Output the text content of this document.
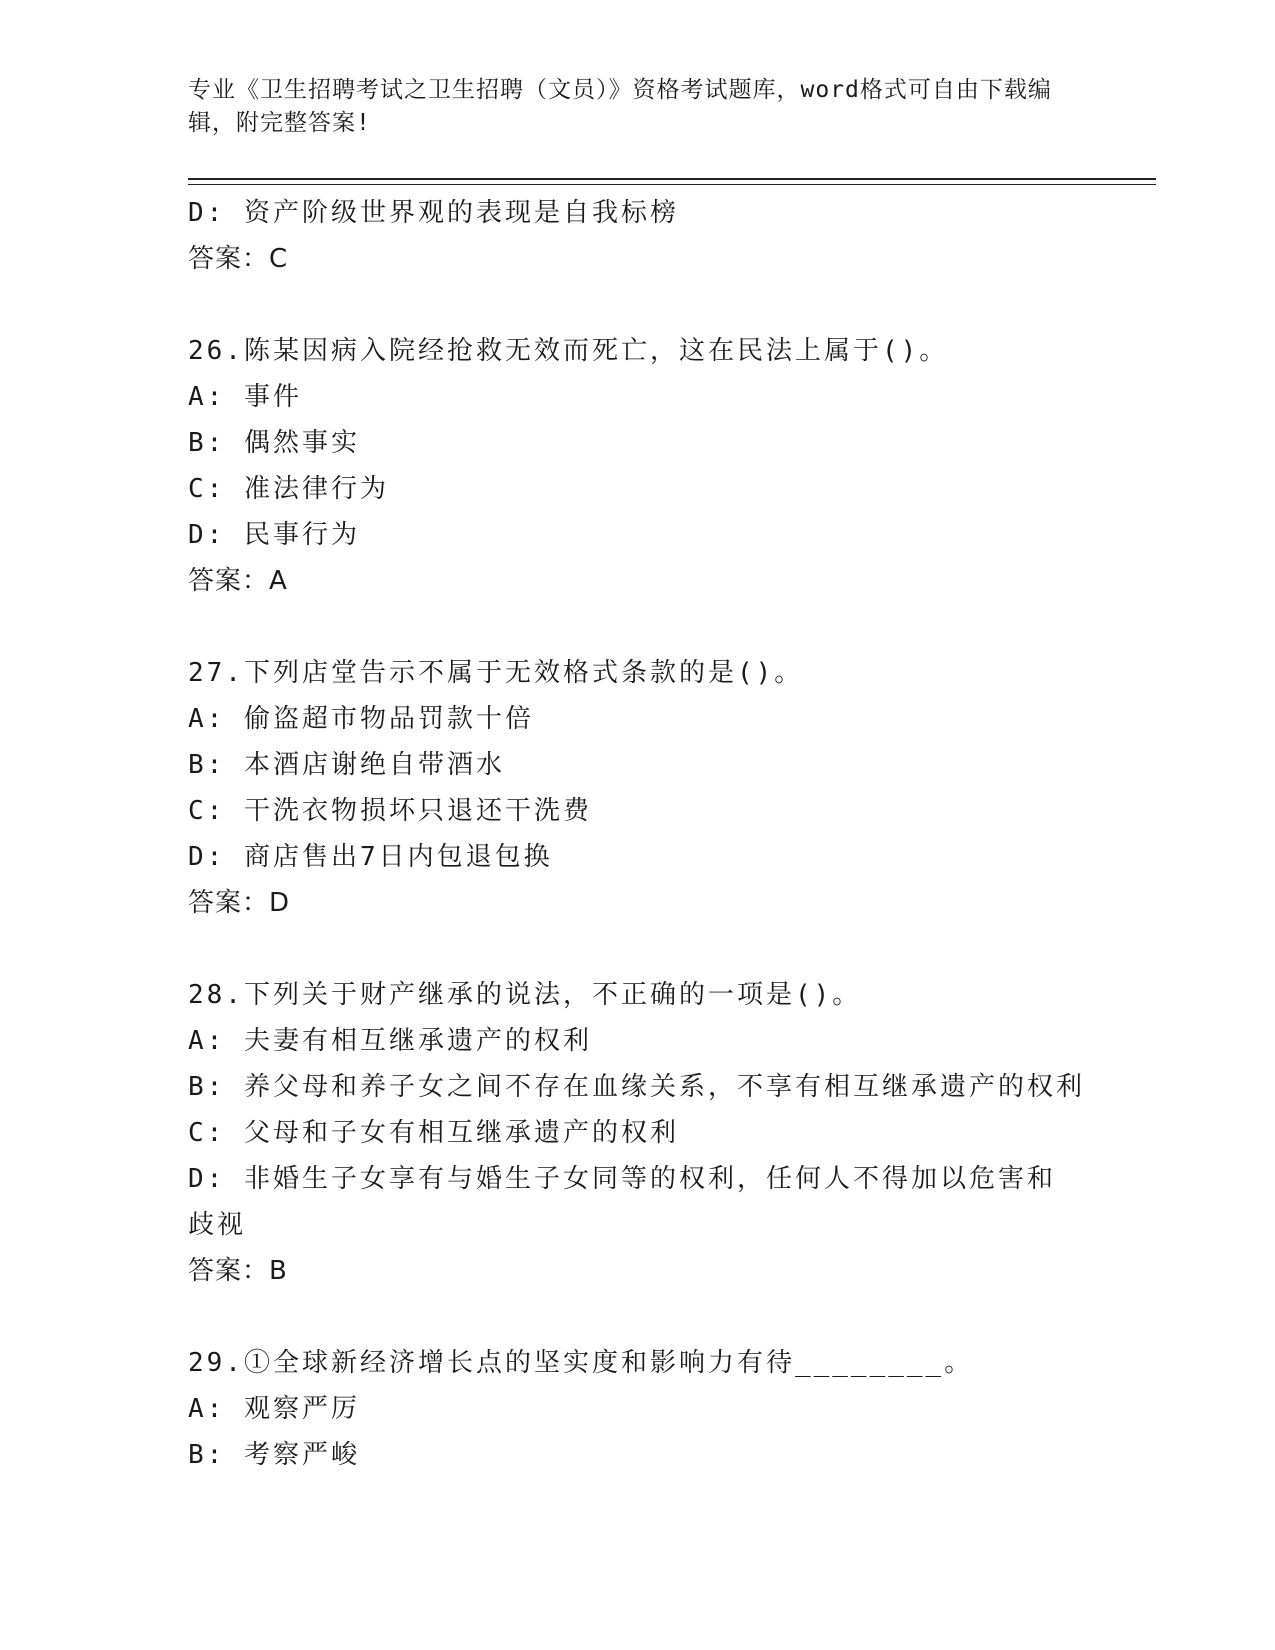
专业《卫生招聘考试之卫生招聘（文员）》资格考试题库，word格式可自由下载编辑，附完整答案!
D: 资产阶级世界观的表现是自我标榜
答案：C
26.陈某因病入院经抢救无效而死亡，这在民法上属于()。
A: 事件
B: 偶然事实
C: 准法律行为
D: 民事行为
答案：A
27.下列店堂告示不属于无效格式条款的是()。
A: 偷盗超市物品罚款十倍
B: 本酒店谢绝自带酒水
C: 干洗衣物损坏只退还干洗费
D: 商店售出7日内包退包换
答案：D
28.下列关于财产继承的说法，不正确的一项是()。
A: 夫妻有相互继承遗产的权利
B: 养父母和养子女之间不存在血缘关系，不享有相互继承遗产的权利
C: 父母和子女有相互继承遗产的权利
D: 非婚生子女享有与婚生子女同等的权利，任何人不得加以危害和歧视
答案：B
29.①全球新经济增长点的坚实度和影响力有待________。
A: 观察严厉
B: 考察严峻
